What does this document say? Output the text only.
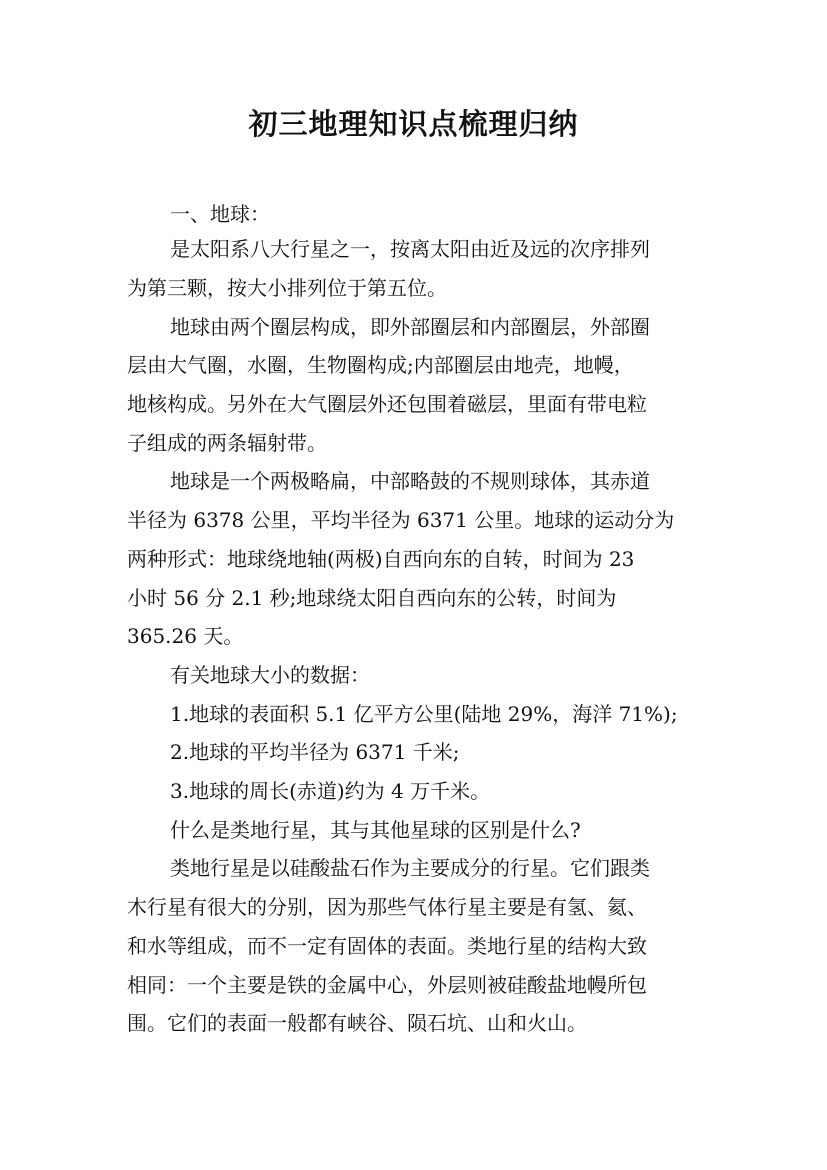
初三地理知识点梳理归纳
一、地球：
是太阳系八大行星之一，按离太阳由近及远的次序排列
为第三颗，按大小排列位于第五位。
地球由两个圈层构成，即外部圈层和内部圈层，外部圈
层由大气圈，水圈，生物圈构成;内部圈层由地壳，地幔，
地核构成。另外在大气圈层外还包围着磁层，里面有带电粒
子组成的两条辐射带。
地球是一个两极略扁，中部略鼓的不规则球体，其赤道
半径为 6378 公里，平均半径为 6371 公里。地球的运动分为
两种形式：地球绕地轴(两极)自西向东的自转，时间为 23
小时 56 分 2.1 秒;地球绕太阳自西向东的公转，时间为
365.26 天。
有关地球大小的数据：
1.地球的表面积 5.1 亿平方公里(陆地 29%，海洋 71%);
2.地球的平均半径为 6371 千米;
3.地球的周长(赤道)约为 4 万千米。
什么是类地行星，其与其他星球的区别是什么?
类地行星是以硅酸盐石作为主要成分的行星。它们跟类
木行星有很大的分别，因为那些气体行星主要是有氢、氦、
和水等组成，而不一定有固体的表面。类地行星的结构大致
相同：一个主要是铁的金属中心，外层则被硅酸盐地幔所包
围。它们的表面一般都有峡谷、陨石坑、山和火山。
